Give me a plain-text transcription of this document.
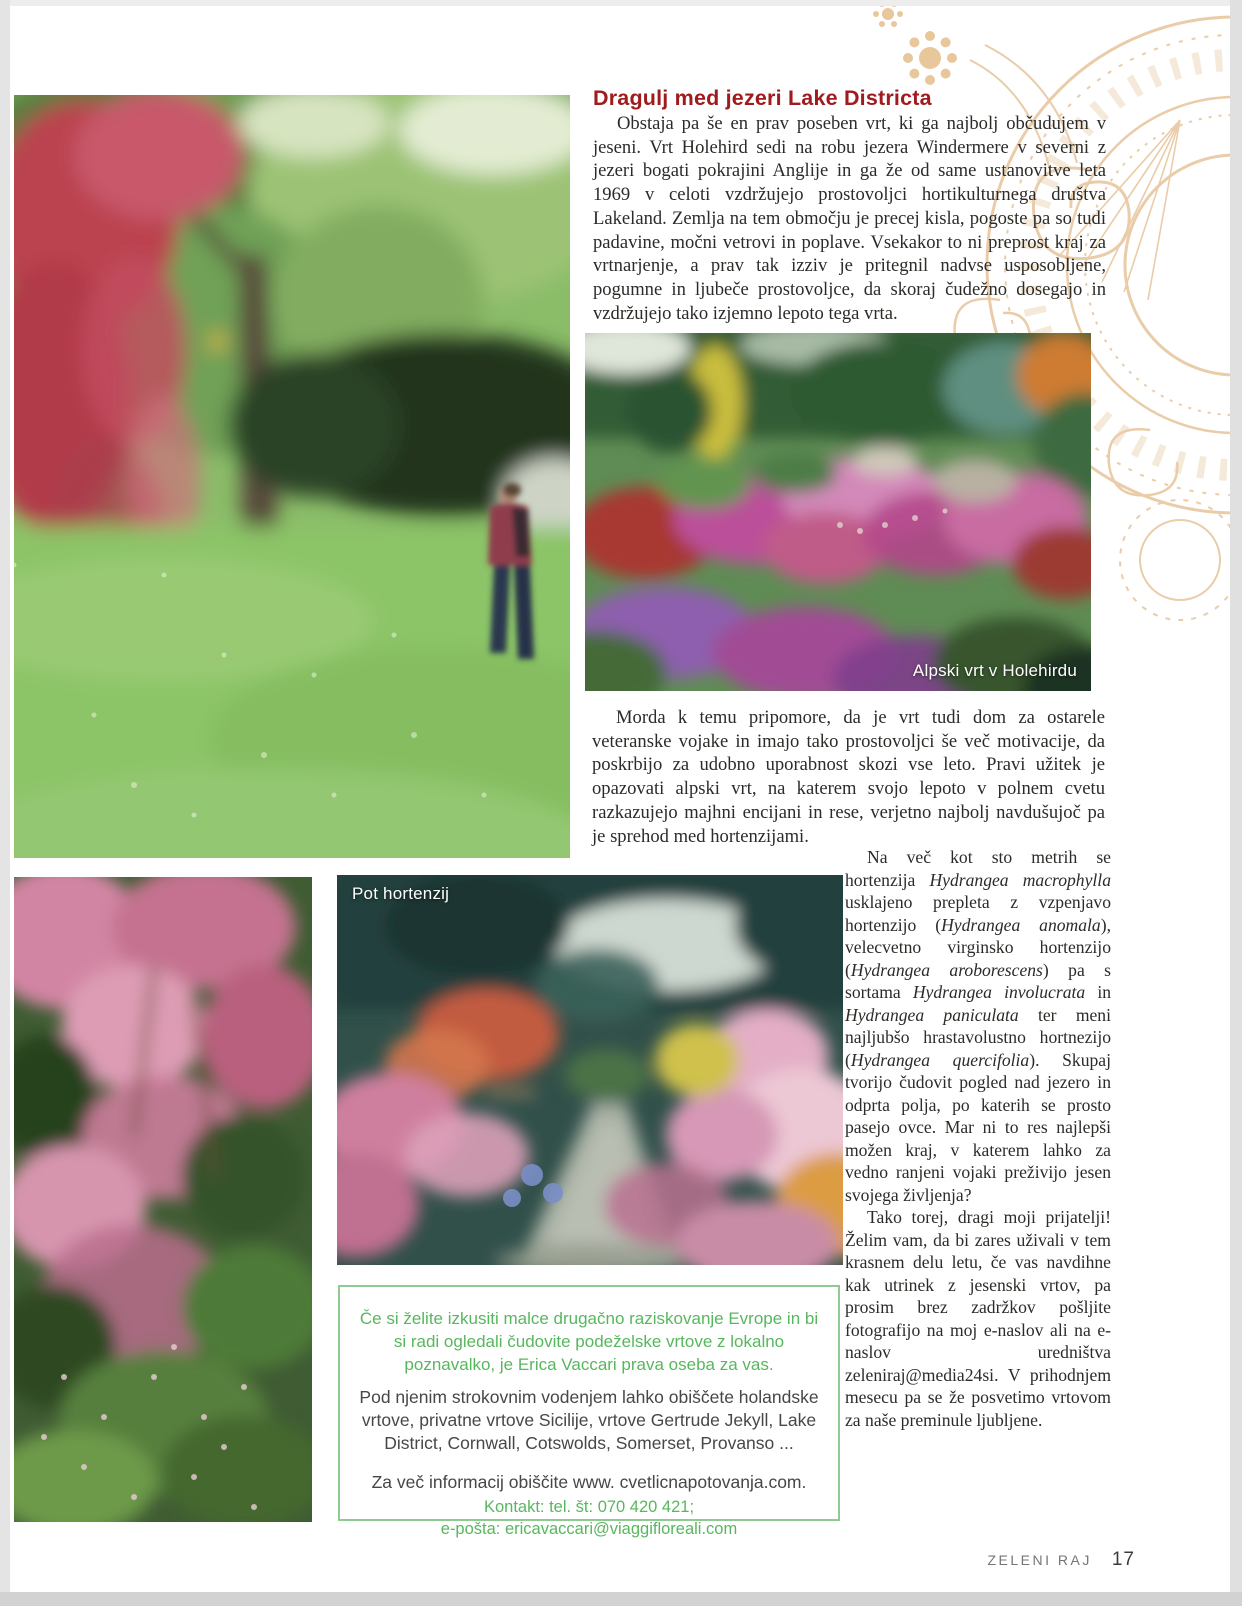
Dragulj med jezeri Lake Districta

Obstaja pa še en prav poseben vrt, ki ga najbolj občudujem v jeseni. Vrt Holehird sedi na robu jezera Windermere v severni z jezeri bogati pokrajini Anglije in ga že od same ustanovitve leta 1969 v celoti vzdržujejo prostovoljci hortikulturnega društva Lakeland. Zemlja na tem območju je precej kisla, pogoste pa so tudi padavine, močni vetrovi in poplave. Vsekakor to ni preprost kraj za vrtnarjenje, a prav tak izziv je pritegnil nadvse usposobljene, pogumne in ljubeče prostovoljce, da skoraj čudežno dosegajo in vzdržujejo tako izjemno lepoto tega vrta.

Alpski vrt v Holehirdu

Morda k temu pripomore, da je vrt tudi dom za ostarele veteranske vojake in imajo tako prostovoljci še več motivacije, da poskrbijo za udobno uporabnost skozi vse leto. Pravi užitek je opazovati alpski vrt, na katerem svojo lepoto v polnem cvetu razkazujejo majhni encijani in rese, verjetno najbolj navdušujoč pa je sprehod med hortenzijami.

Pot hortenzij

Na več kot sto metrih se hortenzija Hydrangea macrophylla usklajeno prepleta z vzpenjavo hortenzijo (Hydrangea anomala), velecvetno virginsko hortenzijo (Hydrangea aroborescens) pa s sortama Hydrangea involucrata in Hydrangea paniculata ter meni najljubšo hrastavolustno hortnezijo (Hydrangea quercifolia). Skupaj tvorijo čudovit pogled nad jezero in odprta polja, po katerih se prosto pasejo ovce. Mar ni to res najlepši možen kraj, v katerem lahko za vedno ranjeni vojaki preživijo jesen svojega življenja?

Tako torej, dragi moji prijatelji! Želim vam, da bi zares uživali v tem krasnem delu letu, če vas navdihne kak utrinek z jesenski vrtov, pa prosim brez zadržkov pošljite fotografijo na moj e-naslov ali na e-naslov uredništva zeleniraj@media24si. V prihodnjem mesecu pa se že posvetimo vrtovom za naše preminule ljubljene.

Če si želite izkusiti malce drugačno raziskovanje Evrope in bi si radi ogledali čudovite podeželske vrtove z lokalno poznavalko, je Erica Vaccari prava oseba za vas.

Pod njenim strokovnim vodenjem lahko obiščete holandske vrtove, privatne vrtove Sicilije, vrtove Gertrude Jekyll, Lake District, Cornwall, Cotswolds, Somerset, Provanso ...

Za več informacij obiščite www. cvetlicnapotovanja.com.

Kontakt: tel. št: 070 420 421;

e-pošta: ericavaccari@viaggifloreali.com

ZELENI RAJ 17
